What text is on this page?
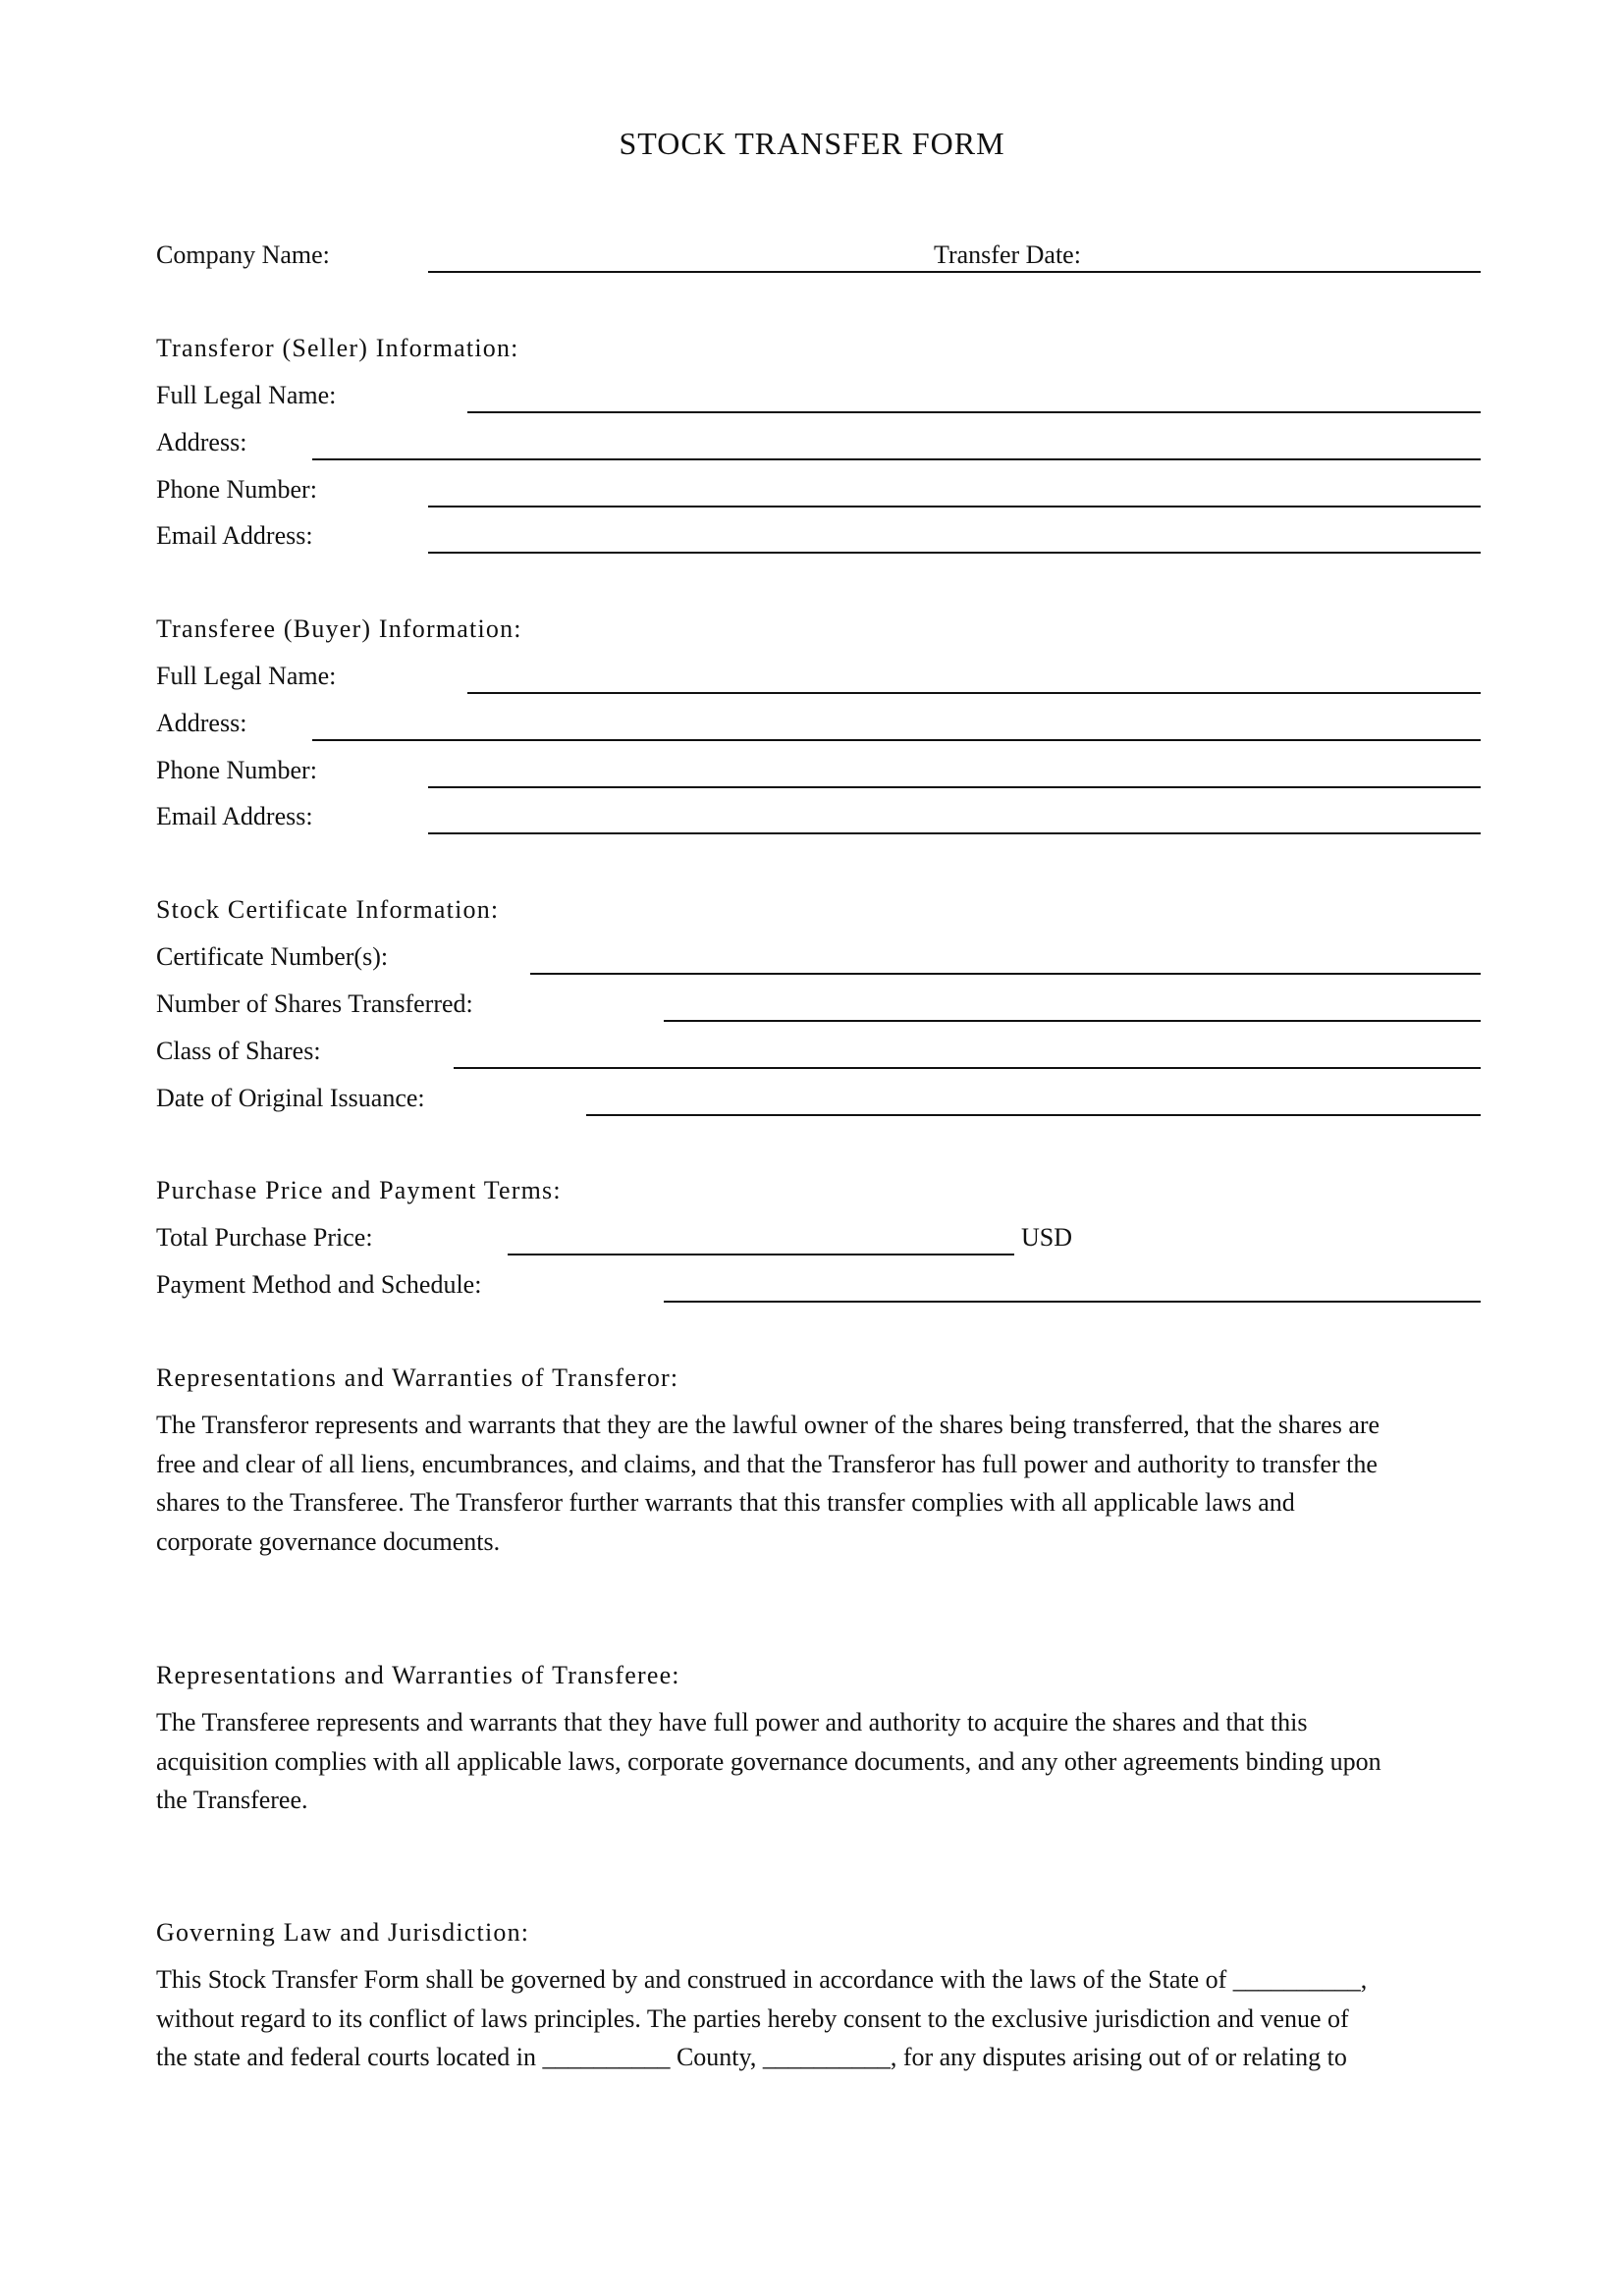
STOCK TRANSFER FORM
Company Name:	Transfer Date:
Transferor (Seller) Information:
Full Legal Name:
Address:
Phone Number:
Email Address:
Transferee (Buyer) Information:
Full Legal Name:
Address:
Phone Number:
Email Address:
Stock Certificate Information:
Certificate Number(s):
Number of Shares Transferred:
Class of Shares:
Date of Original Issuance:
Purchase Price and Payment Terms:
Total Purchase Price:	USD
Payment Method and Schedule:
Representations and Warranties of Transferor:
The Transferor represents and warrants that they are the lawful owner of the shares being transferred, that the shares are
free and clear of all liens, encumbrances, and claims, and that the Transferor has full power and authority to transfer the
shares to the Transferee. The Transferor further warrants that this transfer complies with all applicable laws and
corporate governance documents.
Representations and Warranties of Transferee:
The Transferee represents and warrants that they have full power and authority to acquire the shares and that this
acquisition complies with all applicable laws, corporate governance documents, and any other agreements binding upon
the Transferee.
Governing Law and Jurisdiction:
This Stock Transfer Form shall be governed by and construed in accordance with the laws of the State of __________,
without regard to its conflict of laws principles. The parties hereby consent to the exclusive jurisdiction and venue of
the state and federal courts located in __________ County, __________, for any disputes arising out of or relating to
